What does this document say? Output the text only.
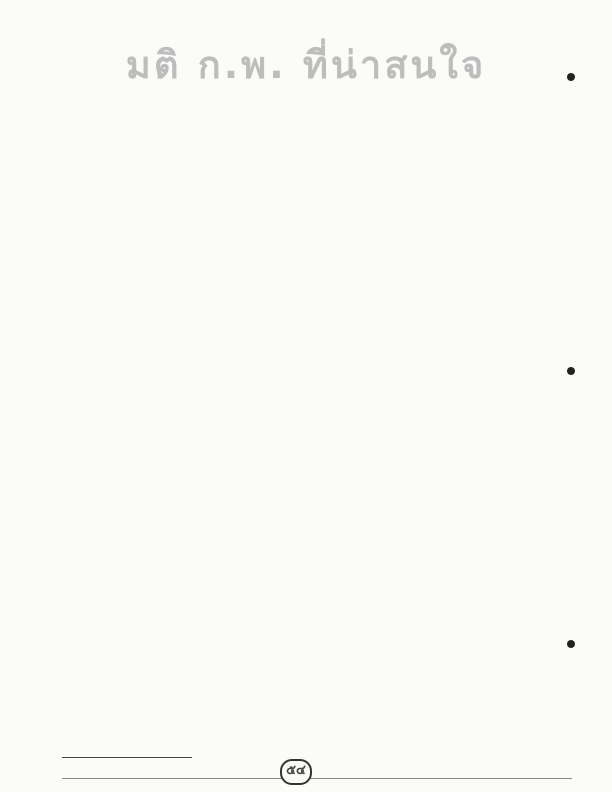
มติ ก.พ. ที่น่าสนใจ
๕๔
